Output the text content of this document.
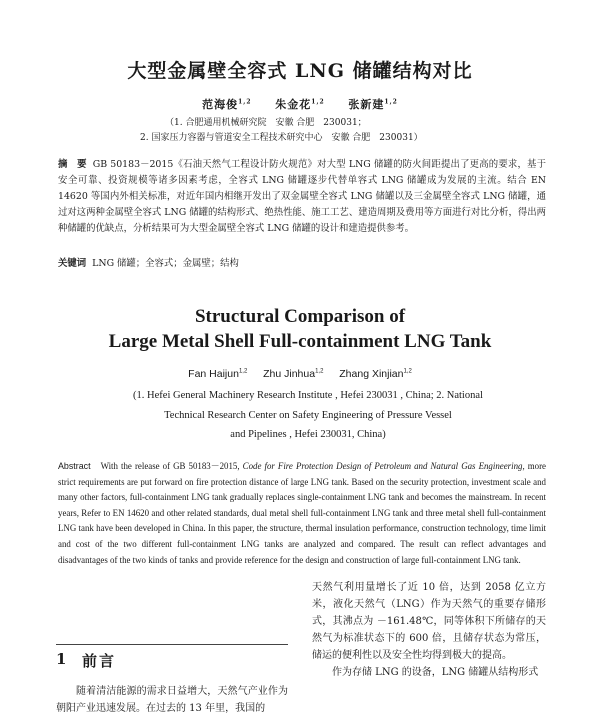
大型金属壁全容式 LNG 储罐结构对比
范海俊$^{1,2}$ 朱金花$^{1,2}$ 张新建$^{1,2}$
（1. 合肥通用机械研究院　安徽 合肥　230031；
2. 国家压力容器与管道安全工程技术研究中心　安徽 合肥　230031）
摘　要 GB 50183－2015《石油天然气工程设计防火规范》对大型 LNG 储罐的防火间距提出了更高的要求，基于安全可靠、投资规模等诸多因素考虑，全容式 LNG 储罐逐步代替单容式 LNG 储罐成为发展的主流。结合 EN 14620 等国内外相关标准，对近年国内相继开发出了双金属壁全容式 LNG 储罐以及三金属壁全容式 LNG 储罐，通过对这两种金属壁全容式 LNG 储罐的结构形式、绝热性能、施工工艺、建造周期及费用等方面进行对比分析，得出两种储罐的优缺点，分析结果可为大型金属壁全容式 LNG 储罐的设计和建造提供参考。
关键词 LNG 储罐；全容式；金属壁；结构
Structural Comparison of
Large Metal Shell Full-containment LNG Tank
Fan Haijun$^{1,2}$ Zhu Jinhua$^{1,2}$ Zhang Xinjian$^{1,2}$
(1. Hefei General Machinery Research Institute , Hefei 230031 , China; 2. National
Technical Research Center on Safety Engineering of Pressure Vessel
and Pipelines , Hefei 230031, China)
Abstract With the release of GB 50183－2015, Code for Fire Protection Design of Petroleum and Natural Gas Engineering, more strict requirements are put forward on fire protection distance of large LNG tank. Based on the security protection, investment scale and many other factors, full-containment LNG tank gradually replaces single-containment LNG tank and becomes the mainstream. In recent years, Refer to EN 14620 and other related standards, dual metal shell full-containment LNG tank and three metal shell full-containment LNG tank have been developed in China. In this paper, the structure, thermal insulation performance, construction technology, time limit and cost of the two different full-containment LNG tanks are analyzed and compared. The result can reflect advantages and disadvantages of the two kinds of tanks and provide reference for the design and construction of large full-containment LNG tank.
1 前言
随着清洁能源的需求日益增大，天然气产业作为朝阳产业迅速发展。在过去的 13 年里，我国的
天然气利用量增长了近 10 倍，达到 2058 亿立方米，液化天然气（LNG）作为天然气的重要存储形式，其沸点为 －161.48℃，同等体积下所储存的天然气为标准状态下的 600 倍，且储存状态为常压，储运的便利性以及安全性均得到极大的提高。
作为存储 LNG 的设备，LNG 储罐从结构形式
